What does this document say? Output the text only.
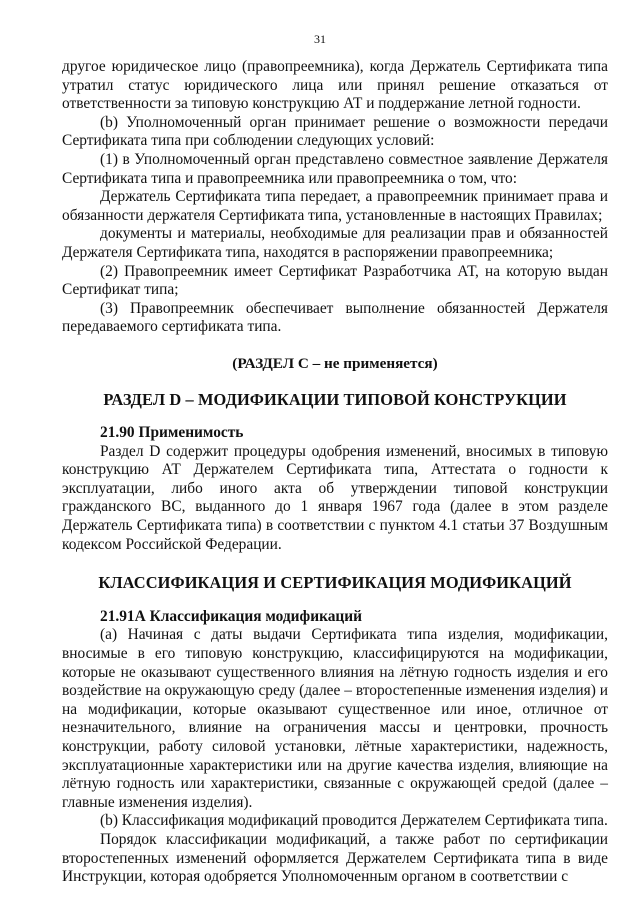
31

другое юридическое лицо (правопреемника), когда Держатель Сертификата типа утратил статус юридического лица или принял решение отказаться от ответственности за типовую конструкцию АТ и поддержание летной годности.

(b) Уполномоченный орган принимает решение о возможности передачи Сертификата типа при соблюдении следующих условий:

(1) в Уполномоченный орган представлено совместное заявление Держателя Сертификата типа и правопреемника или правопреемника о том, что:

Держатель Сертификата типа передает, а правопреемник принимает права и обязанности держателя Сертификата типа, установленные в настоящих Правилах;

документы и материалы, необходимые для реализации прав и обязанностей Держателя Сертификата типа, находятся в распоряжении правопреемника;

(2) Правопреемник имеет Сертификат Разработчика АТ, на которую выдан Сертификат типа;

(3) Правопреемник обеспечивает выполнение обязанностей Держателя передаваемого сертификата типа.

(РАЗДЕЛ С – не применяется)
РАЗДЕЛ D – МОДИФИКАЦИИ ТИПОВОЙ КОНСТРУКЦИИ

21.90 Применимость

Раздел D содержит процедуры одобрения изменений, вносимых в типовую конструкцию АТ Держателем Сертификата типа, Аттестата о годности к эксплуатации, либо иного акта об утверждении типовой конструкции гражданского ВС, выданного до 1 января 1967 года (далее в этом разделе Держатель Сертификата типа) в соответствии с пунктом 4.1 статьи 37 Воздушным кодексом Российской Федерации.

КЛАССИФИКАЦИЯ И СЕРТИФИКАЦИЯ МОДИФИКАЦИЙ

21.91А Классификация модификаций

(а) Начиная с даты выдачи Сертификата типа изделия, модификации, вносимые в его типовую конструкцию, классифицируются на модификации, которые не оказывают существенного влияния на лётную годность изделия и его воздействие на окружающую среду (далее – второстепенные изменения изделия) и на модификации, которые оказывают существенное или иное, отличное от незначительного, влияние на ограничения массы и центровки, прочность конструкции, работу силовой установки, лётные характеристики, надежность, эксплуатационные характеристики или на другие качества изделия, влияющие на лётную годность или характеристики, связанные с окружающей средой (далее – главные изменения изделия).

(b) Классификация модификаций проводится Держателем Сертификата типа.

Порядок классификации модификаций, а также работ по сертификации второстепенных изменений оформляется Держателем Сертификата типа в виде Инструкции, которая одобряется Уполномоченным органом в соответствии с
